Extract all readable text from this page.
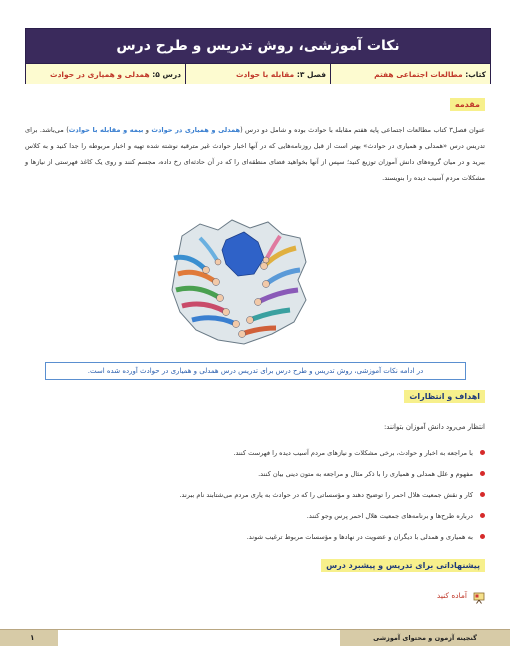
نکات آموزشی، روش تدریس و طرح درس
کتاب:

مطالعات اجتماعی هفتم
فصل ۳:

مقابله با حوادث
درس ۵:

همدلی و همیاری در حوادث
مقدمه

عنوان فصل۳ کتاب مطالعات اجتماعی پایه هفتم مقابله با حوادث بوده و شامل دو درس (همدلی و همیاری در حوادث و بیمه و مقابله با حوادث) می‌باشد. برای تدریس درس «همدلی و همیاری در حوادث» بهتر است از قبل روزنامه‌هایی که در آنها اخبار حوادث غیر مترقبه نوشته شده تهیه و اخبار مربوطه را جدا کنید و به کلاس ببرید و در میان گروه‌های دانش آموزان توزیع کنید؛ سپس از آنها بخواهید فضای منطقه‌ای را که در آن حادثه‌ای رخ داده، مجسم کنند و روی یک کاغذ فهرستی از نیازها و مشکلات مردم آسیب دیده را بنویسند.

در ادامه نکات آموزشی، روش تدریس و طرح درس برای تدریس درس همدلی و همیاری در حوادث آورده شده است.
اهداف و انتظارات
انتظار می‌رود دانش آموزان بتوانند:
با مراجعه به اخبار و حوادث، برخی مشکلات و نیازهای مردم آسیب دیده را فهرست کنند.
مفهوم و علل همدلی و همیاری را با ذکر مثال و مراجعه به متون دینی بیان کنند.
کار و نقش جمعیت هلال احمر را توضیح دهند و مؤسساتی را که در حوادث به یاری مردم می‌شتابند نام ببرند.
درباره طرح‌ها و برنامه‌های جمعیت هلال احمر پرس وجو کنند.
به همیاری و همدلی با دیگران و عضویت در نهادها و مؤسسات مربوط ترغیب شوند.
پیشنهاداتی برای تدریس و پیشبرد درس
آماده کنید
گنجینه آزمون و محتوای آموزشی
۱
